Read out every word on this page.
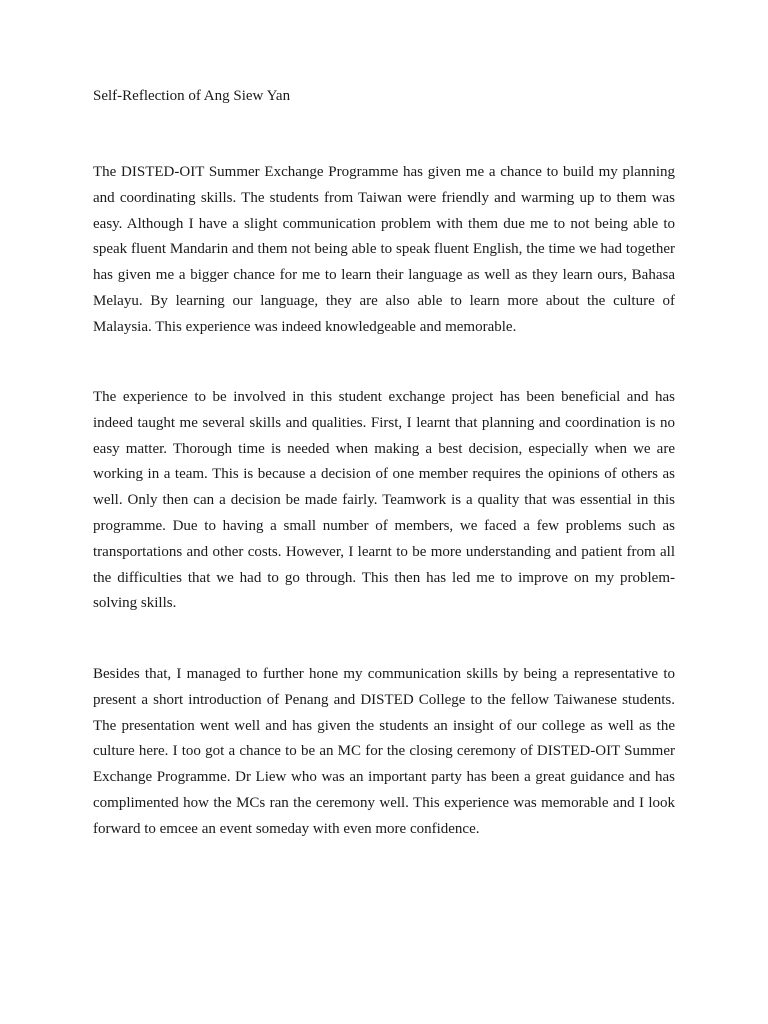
Self-Reflection of Ang Siew Yan

The DISTED-OIT Summer Exchange Programme has given me a chance to build my planning and coordinating skills. The students from Taiwan were friendly and warming up to them was easy. Although I have a slight communication problem with them due me to not being able to speak fluent Mandarin and them not being able to speak fluent English, the time we had together has given me a bigger chance for me to learn their language as well as they learn ours, Bahasa Melayu. By learning our language, they are also able to learn more about the culture of Malaysia. This experience was indeed knowledgeable and memorable.

The experience to be involved in this student exchange project has been beneficial and has indeed taught me several skills and qualities. First, I learnt that planning and coordination is no easy matter. Thorough time is needed when making a best decision, especially when we are working in a team. This is because a decision of one member requires the opinions of others as well. Only then can a decision be made fairly. Teamwork is a quality that was essential in this programme. Due to having a small number of members, we faced a few problems such as transportations and other costs. However, I learnt to be more understanding and patient from all the difficulties that we had to go through. This then has led me to improve on my problem-solving skills.

Besides that, I managed to further hone my communication skills by being a representative to present a short introduction of Penang and DISTED College to the fellow Taiwanese students. The presentation went well and has given the students an insight of our college as well as the culture here. I too got a chance to be an MC for the closing ceremony of DISTED-OIT Summer Exchange Programme. Dr Liew who was an important party has been a great guidance and has complimented how the MCs ran the ceremony well. This experience was memorable and I look forward to emcee an event someday with even more confidence.
